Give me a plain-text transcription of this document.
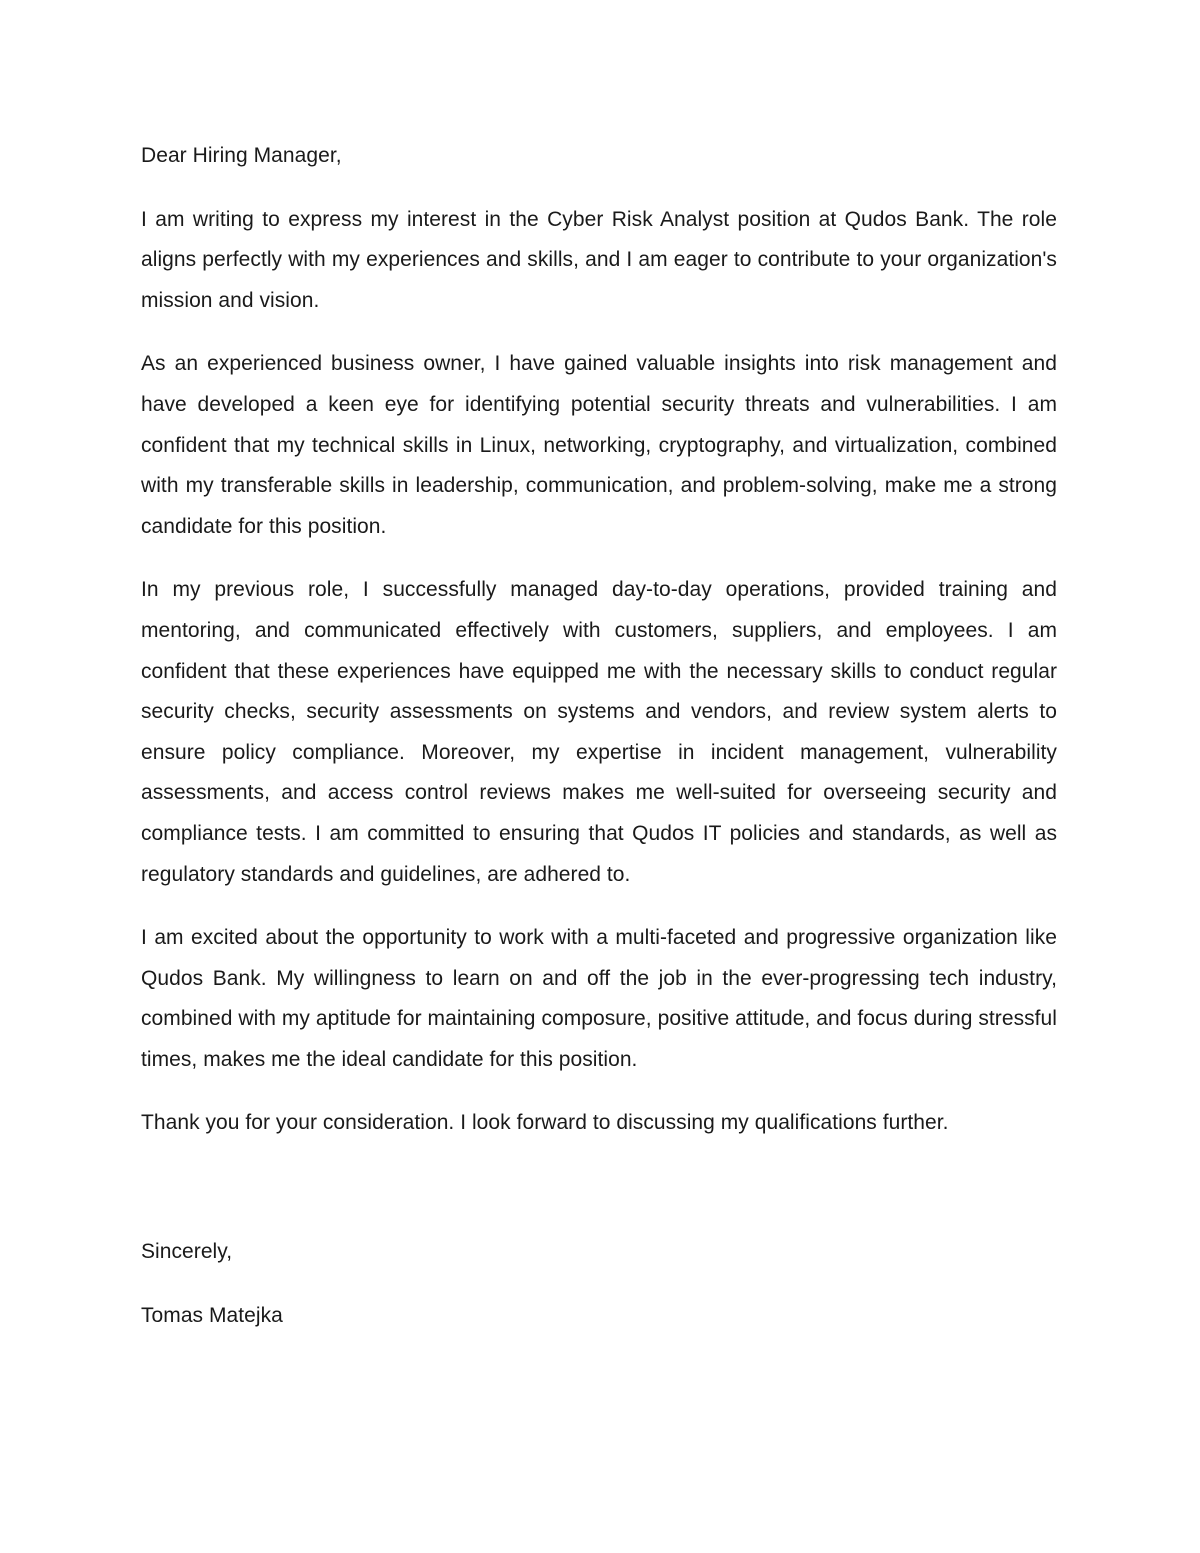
Dear Hiring Manager,

I am writing to express my interest in the Cyber Risk Analyst position at Qudos Bank. The role aligns perfectly with my experiences and skills, and I am eager to contribute to your organization's mission and vision.

As an experienced business owner, I have gained valuable insights into risk management and have developed a keen eye for identifying potential security threats and vulnerabilities. I am confident that my technical skills in Linux, networking, cryptography, and virtualization, combined with my transferable skills in leadership, communication, and problem-solving, make me a strong candidate for this position.

In my previous role, I successfully managed day-to-day operations, provided training and mentoring, and communicated effectively with customers, suppliers, and employees. I am confident that these experiences have equipped me with the necessary skills to conduct regular security checks, security assessments on systems and vendors, and review system alerts to ensure policy compliance. Moreover, my expertise in incident management, vulnerability assessments, and access control reviews makes me well-suited for overseeing security and compliance tests. I am committed to ensuring that Qudos IT policies and standards, as well as regulatory standards and guidelines, are adhered to.

I am excited about the opportunity to work with a multi-faceted and progressive organization like Qudos Bank. My willingness to learn on and off the job in the ever-progressing tech industry, combined with my aptitude for maintaining composure, positive attitude, and focus during stressful times, makes me the ideal candidate for this position.

Thank you for your consideration. I look forward to discussing my qualifications further.

Sincerely,

Tomas Matejka
